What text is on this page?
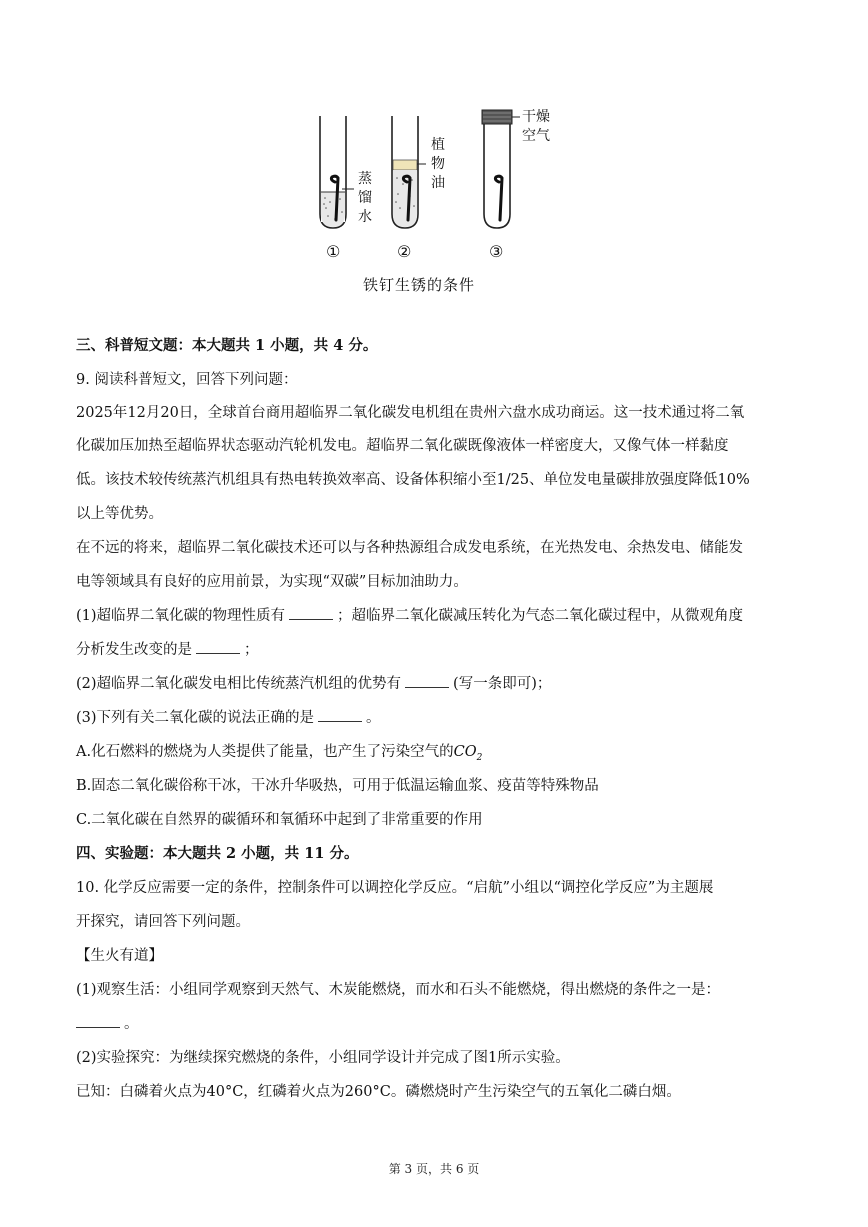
蒸
馏
水
植
物
油
干燥
空气
①	②	③
铁钉生锈的条件
三、科普短文题：本大题共 1 小题，共 4 分。
9. 阅读科普短文，回答下列问题：
2025年12月20日，全球首台商用超临界二氧化碳发电机组在贵州六盘水成功商运。这一技术通过将二氧
化碳加压加热至超临界状态驱动汽轮机发电。超临界二氧化碳既像液体一样密度大，又像气体一样黏度
低。该技术较传统蒸汽机组具有热电转换效率高、设备体积缩小至1/25、单位发电量碳排放强度降低10%
以上等优势。
在不远的将来，超临界二氧化碳技术还可以与各种热源组合成发电系统，在光热发电、余热发电、储能发
电等领域具有良好的应用前景，为实现“双碳”目标加油助力。
(1)超临界二氧化碳的物理性质有	；超临界二氧化碳减压转化为气态二氧化碳过程中，从微观角度
分析发生改变的是	；
(2)超临界二氧化碳发电相比传统蒸汽机组的优势有	(写一条即可)；
(3)下列有关二氧化碳的说法正确的是	。
A.化石燃料的燃烧为人类提供了能量，也产生了污染空气的$CO_2$
B.固态二氧化碳俗称干冰，干冰升华吸热，可用于低温运输血浆、疫苗等特殊物品
C.二氧化碳在自然界的碳循环和氧循环中起到了非常重要的作用
四、实验题：本大题共 2 小题，共 11 分。
10. 化学反应需要一定的条件，控制条件可以调控化学反应。“启航”小组以“调控化学反应”为主题展
开探究，请回答下列问题。
【生火有道】
(1)观察生活：小组同学观察到天然气、木炭能燃烧，而水和石头不能燃烧，得出燃烧的条件之一是：
。
(2)实验探究：为继续探究燃烧的条件，小组同学设计并完成了图1所示实验。
已知：白磷着火点为40°C，红磷着火点为260°C。磷燃烧时产生污染空气的五氧化二磷白烟。
第 3 页，共 6 页
